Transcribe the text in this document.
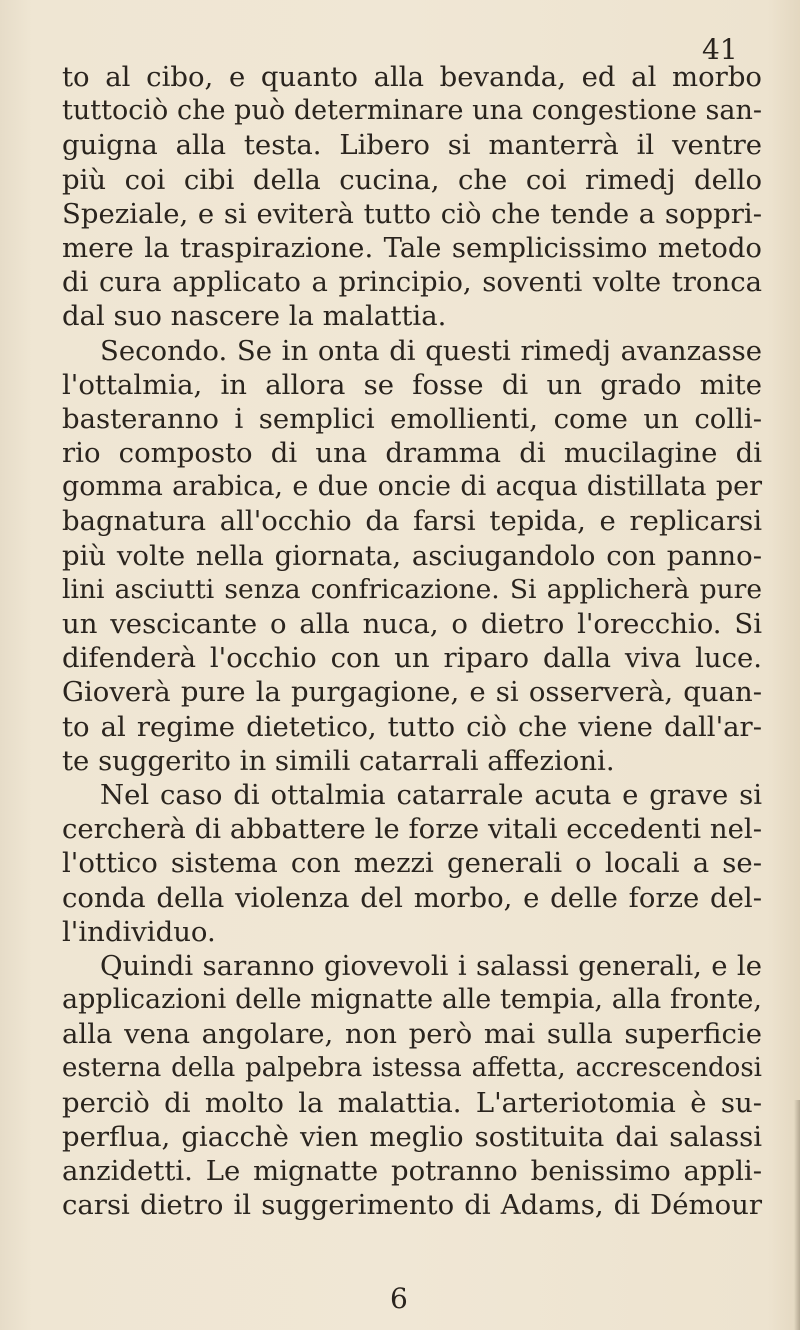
41
to al cibo, e quanto alla bevanda, ed al morbo
tuttociò che può determinare una congestione san-
guigna alla testa. Libero si manterrà il ventre
più coi cibi della cucina, che coi rimedj dello
Speziale, e si eviterà tutto ciò che tende a soppri-
mere la traspirazione. Tale semplicissimo metodo
di cura applicato a principio, soventi volte tronca
dal suo nascere la malattia.
Secondo. Se in onta di questi rimedj avanzasse
l'ottalmia, in allora se fosse di un grado mite
basteranno i semplici emollienti, come un colli-
rio composto di una dramma di mucilagine di
gomma arabica, e due oncie di acqua distillata per
bagnatura all'occhio da farsi tepida, e replicarsi
più volte nella giornata, asciugandolo con panno-
lini asciutti senza confricazione. Si applicherà pure
un vescicante o alla nuca, o dietro l'orecchio. Si
difenderà l'occhio con un riparo dalla viva luce.
Gioverà pure la purgagione, e si osserverà, quan-
to al regime dietetico, tutto ciò che viene dall'ar-
te suggerito in simili catarrali affezioni.
Nel caso di ottalmia catarrale acuta e grave si
cercherà di abbattere le forze vitali eccedenti nel-
l'ottico sistema con mezzi generali o locali a se-
conda della violenza del morbo, e delle forze del-
l'individuo.
Quindi saranno giovevoli i salassi generali, e le
applicazioni delle mignatte alle tempia, alla fronte,
alla vena angolare, non però mai sulla superficie
esterna della palpebra istessa affetta, accrescendosi
perciò di molto la malattia. L'arteriotomia è su-
perflua, giacchè vien meglio sostituita dai salassi
anzidetti. Le mignatte potranno benissimo appli-
carsi dietro il suggerimento di Adams, di Démour
6
